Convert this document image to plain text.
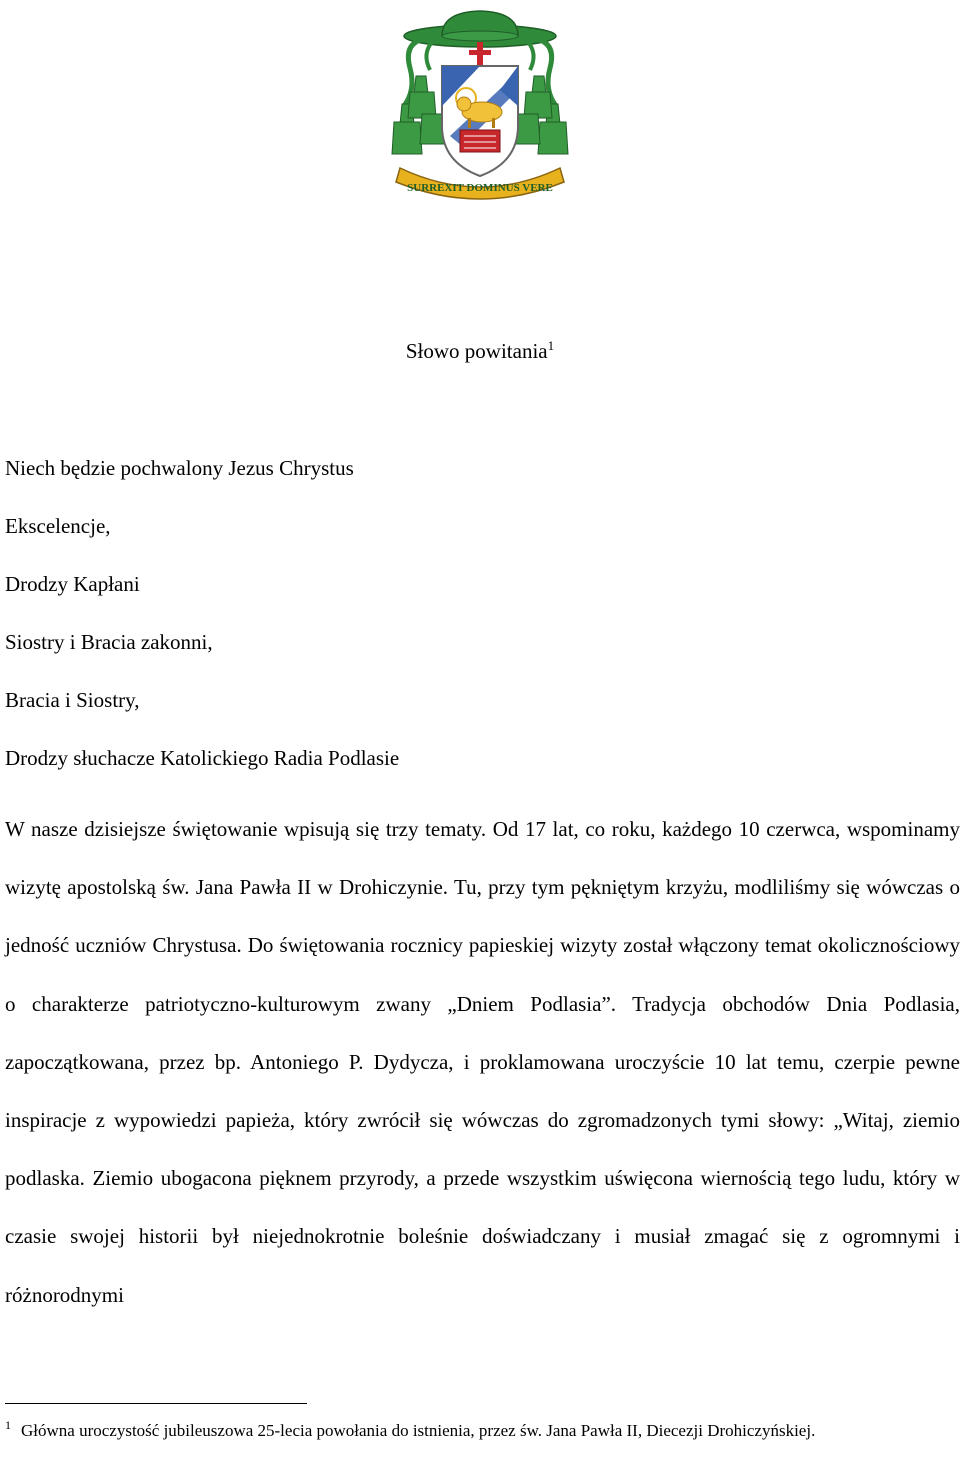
SURREXIT DOMINUS VERE
Słowo powitania$^1$
Niech będzie pochwalony Jezus Chrystus
Ekscelencje,
Drodzy Kapłani
Siostry i Bracia zakonni,
Bracia i Siostry,
Drodzy słuchacze Katolickiego Radia Podlasie

W nasze dzisiejsze świętowanie wpisują się trzy tematy. Od 17 lat, co roku, każdego 10 czerwca, wspominamy wizytę apostolską św. Jana Pawła II w Drohiczynie. Tu, przy tym pękniętym krzyżu, modliliśmy się wówczas o jedność uczniów Chrystusa. Do świętowania rocznicy papieskiej wizyty został włączony temat okolicznościowy o charakterze patriotyczno-kulturowym zwany „Dniem Podlasia”. Tradycja obchodów Dnia Podlasia, zapoczątkowana, przez bp. Antoniego P. Dydycza, i proklamowana uroczyście 10 lat temu, czerpie pewne inspiracje z wypowiedzi papieża, który zwrócił się wówczas do zgromadzonych tymi słowy: „Witaj, ziemio podlaska. Ziemio ubogacona pięknem przyrody, a przede wszystkim uświęcona wiernością tego ludu, który w czasie swojej historii był niejednokrotnie boleśnie doświadczany i musiał zmagać się z ogromnymi i różnorodnymi

$^1$ Główna uroczystość jubileuszowa 25-lecia powołania do istnienia, przez św. Jana Pawła II, Diecezji Drohiczyńskiej.
